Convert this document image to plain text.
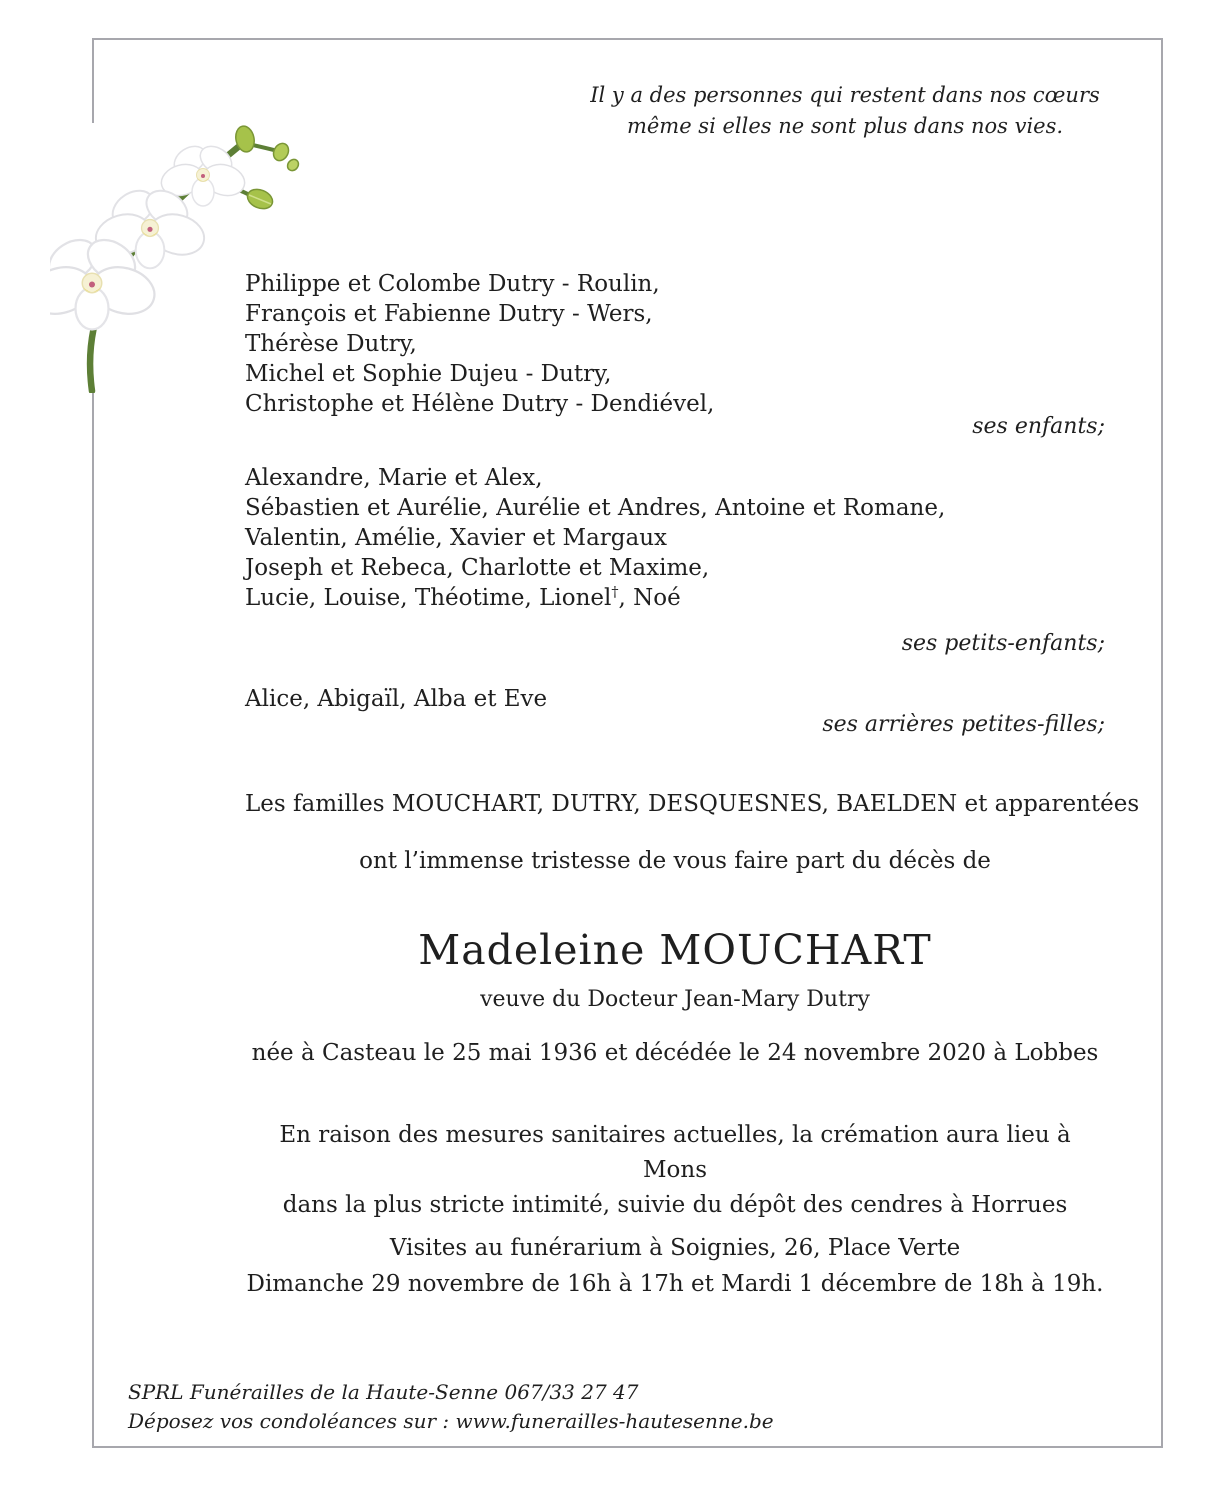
Il y a des personnes qui restent dans nos cœurs
même si elles ne sont plus dans nos vies.
Philippe et Colombe Dutry - Roulin,
François et Fabienne Dutry - Wers,
Thérèse Dutry,
Michel et Sophie Dujeu - Dutry,
Christophe et Hélène Dutry - Dendiével,
ses enfants;
Alexandre, Marie et Alex,
Sébastien et Aurélie, Aurélie et Andres, Antoine et Romane,
Valentin, Amélie, Xavier et Margaux
Joseph et Rebeca, Charlotte et Maxime,
Lucie, Louise, Théotime, Lionel†, Noé
ses petits-enfants;
Alice, Abigaïl, Alba et Eve
ses arrières petites-filles;
Les familles MOUCHART, DUTRY, DESQUESNES, BAELDEN et apparentées
ont l’immense tristesse de vous faire part du décès de
Madeleine MOUCHART
veuve du Docteur Jean-Mary Dutry
née à Casteau le 25 mai 1936 et décédée le 24 novembre 2020 à Lobbes
En raison des mesures sanitaires actuelles, la crémation aura lieu à Mons
dans la plus stricte intimité, suivie du dépôt des cendres à Horrues
Visites au funérarium à Soignies, 26, Place Verte
Dimanche 29 novembre de 16h à 17h et Mardi 1 décembre de 18h à 19h.
SPRL Funérailles de la Haute-Senne 067/33 27 47
Déposez vos condoléances sur : www.funerailles-hautesenne.be
